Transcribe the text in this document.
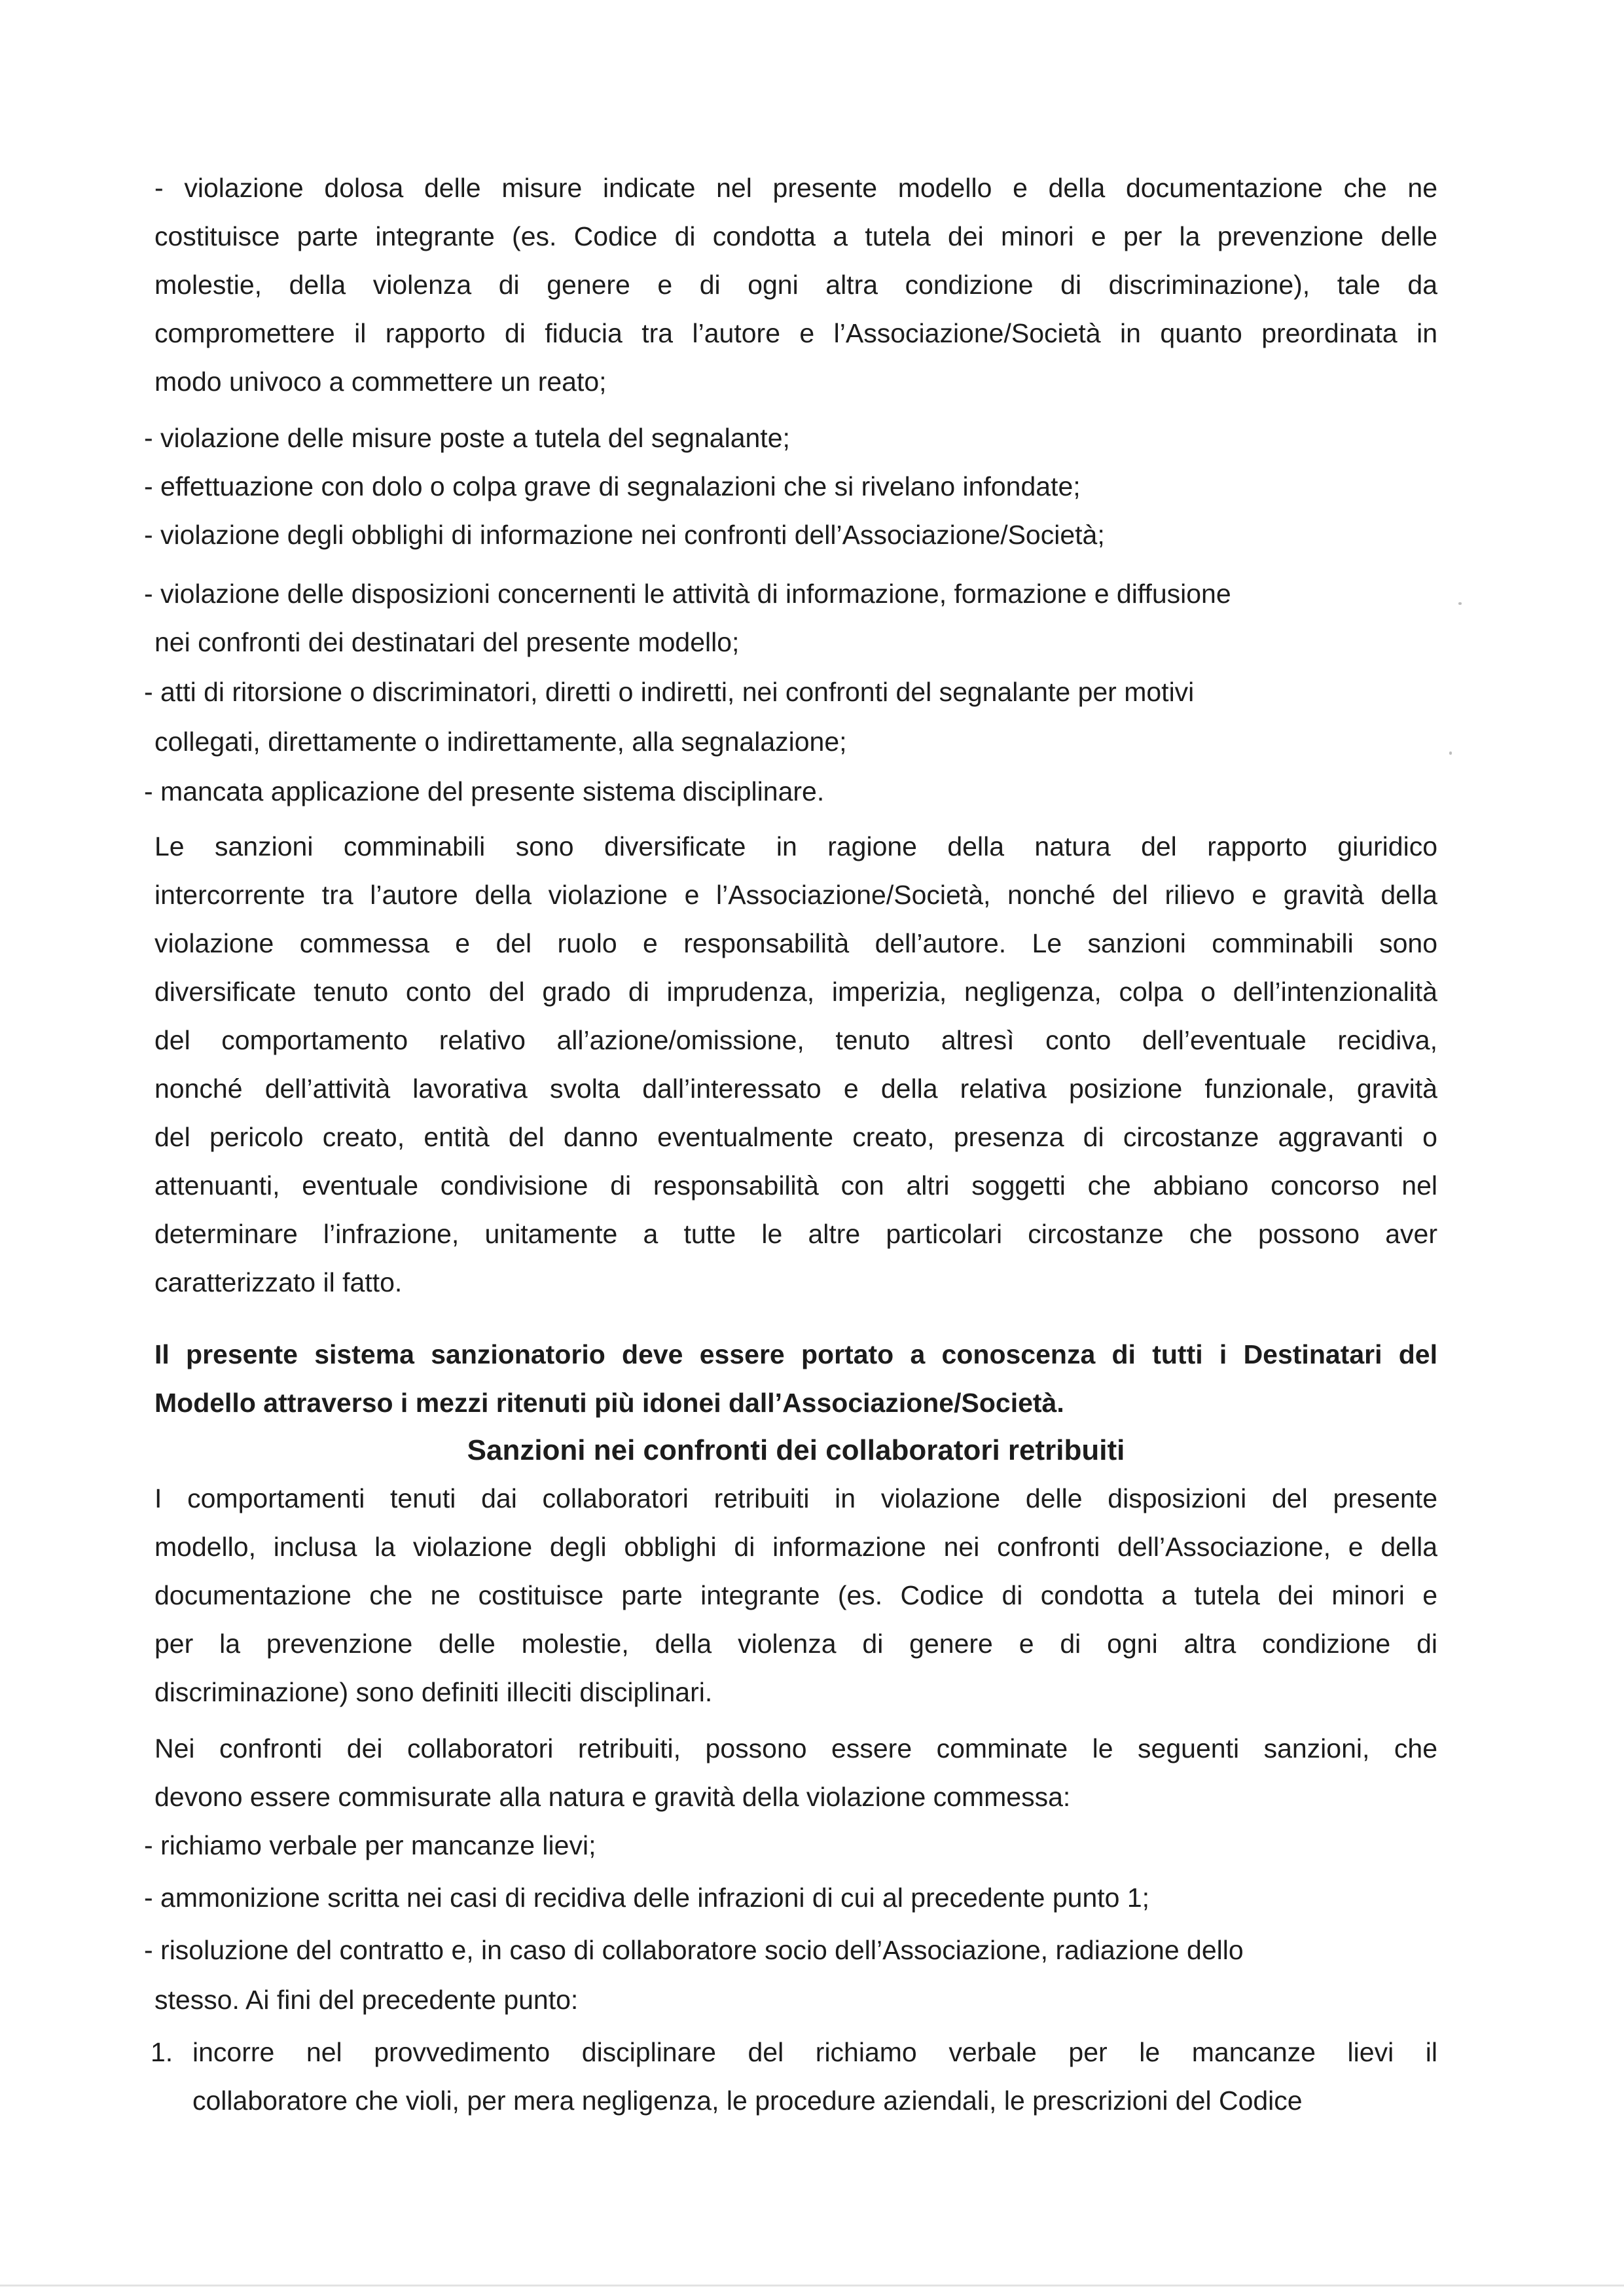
- violazione dolosa delle misure indicate nel presente modello e della documentazione che ne
costituisce parte integrante (es. Codice di condotta a tutela dei minori e per la prevenzione delle
molestie, della violenza di genere e di ogni altra condizione di discriminazione), tale da
compromettere il rapporto di fiducia tra l’autore e l’Associazione/Società in quanto preordinata in
modo univoco a commettere un reato;

- violazione delle misure poste a tutela del segnalante;

- effettuazione con dolo o colpa grave di segnalazioni che si rivelano infondate;

- violazione degli obblighi di informazione nei confronti dell’Associazione/Società;

- violazione delle disposizioni concernenti le attività di informazione, formazione e diffusione

nei confronti dei destinatari del presente modello;

- atti di ritorsione o discriminatori, diretti o indiretti, nei confronti del segnalante per motivi

collegati, direttamente o indirettamente, alla segnalazione;

- mancata applicazione del presente sistema disciplinare.

Le sanzioni comminabili sono diversificate in ragione della natura del rapporto giuridico
intercorrente tra l’autore della violazione e l’Associazione/Società, nonché del rilievo e gravità della
violazione commessa e del ruolo e responsabilità dell’autore. Le sanzioni comminabili sono
diversificate tenuto conto del grado di imprudenza, imperizia, negligenza, colpa o dell’intenzionalità
del comportamento relativo all’azione/omissione, tenuto altresì conto dell’eventuale recidiva,
nonché dell’attività lavorativa svolta dall’interessato e della relativa posizione funzionale, gravità
del pericolo creato, entità del danno eventualmente creato, presenza di circostanze aggravanti o
attenuanti, eventuale condivisione di responsabilità con altri soggetti che abbiano concorso nel
determinare l’infrazione, unitamente a tutte le altre particolari circostanze che possono aver
caratterizzato il fatto.
Il presente sistema sanzionatorio deve essere portato a conoscenza di tutti i Destinatari del
Modello attraverso i mezzi ritenuti più idonei dall’Associazione/Società.
Sanzioni nei confronti dei collaboratori retribuiti
I comportamenti tenuti dai collaboratori retribuiti in violazione delle disposizioni del presente
modello, inclusa la violazione degli obblighi di informazione nei confronti dell’Associazione, e della
documentazione che ne costituisce parte integrante (es. Codice di condotta a tutela dei minori e
per la prevenzione delle molestie, della violenza di genere e di ogni altra condizione di
discriminazione) sono definiti illeciti disciplinari.
Nei confronti dei collaboratori retribuiti, possono essere comminate le seguenti sanzioni, che
devono essere commisurate alla natura e gravità della violazione commessa:

- richiamo verbale per mancanze lievi;

- ammonizione scritta nei casi di recidiva delle infrazioni di cui al precedente punto 1;

- risoluzione del contratto e, in caso di collaboratore socio dell’Associazione, radiazione dello

stesso. Ai fini del precedente punto:

1. incorre nel provvedimento disciplinare del richiamo verbale per le mancanze lievi il
collaboratore che violi, per mera negligenza, le procedure aziendali, le prescrizioni del Codice
